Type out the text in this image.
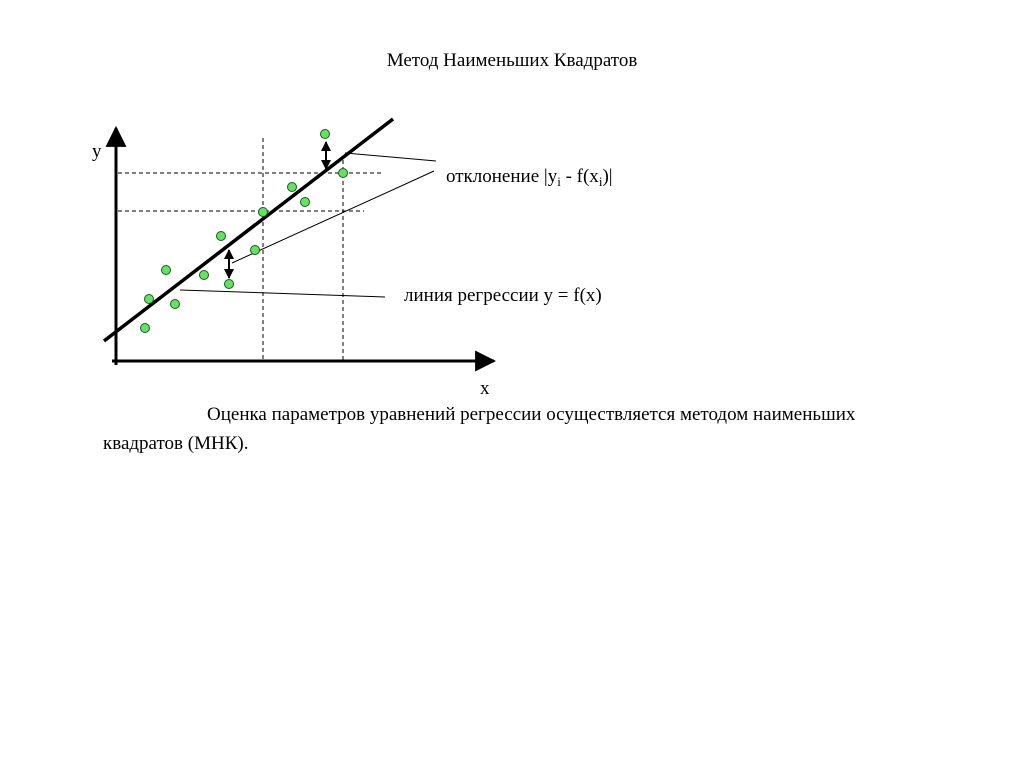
Метод Наименьших Квадратов
y
x
отклонение $|y_i - f(x_i)|$
линия регрессии y = f(x)
Оценка параметров уравнений регрессии осуществляется методом наименьших квадратов (МНК).
